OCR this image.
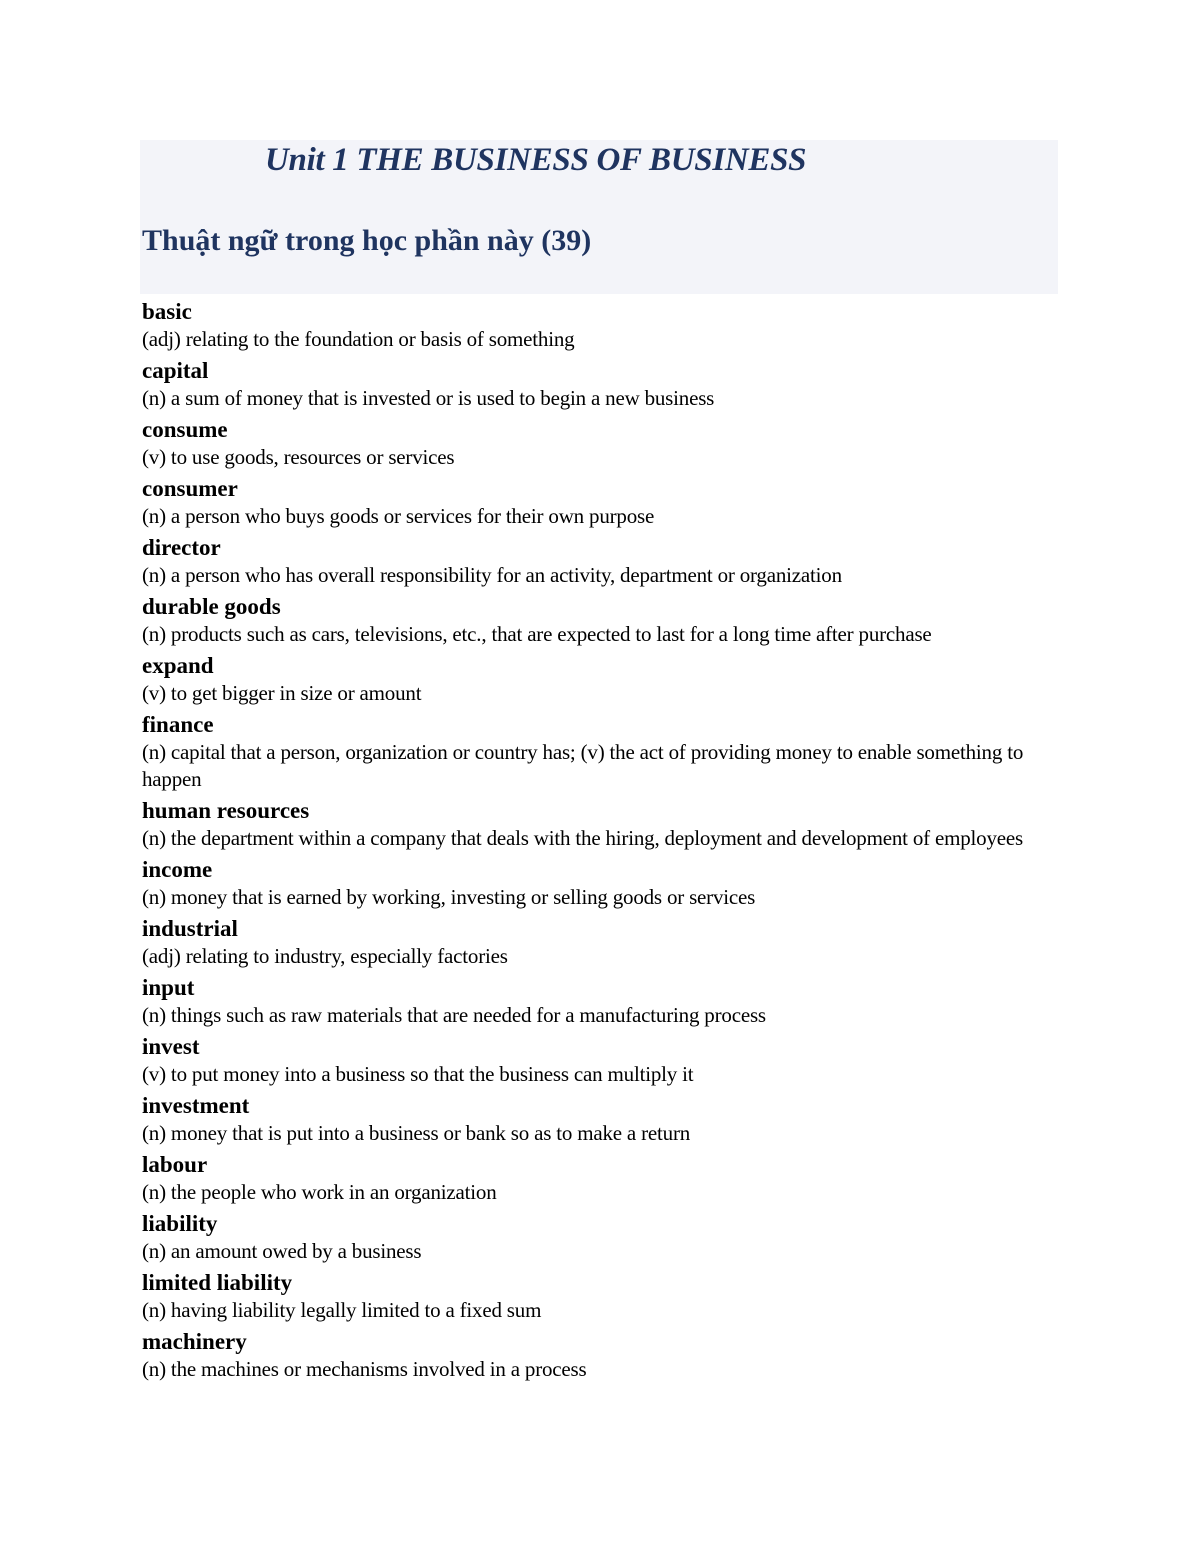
Unit 1 THE BUSINESS OF BUSINESS
Thuật ngữ trong học phần này (39)
basic
(adj) relating to the foundation or basis of something
capital
(n) a sum of money that is invested or is used to begin a new business
consume
(v) to use goods, resources or services
consumer
(n) a person who buys goods or services for their own purpose
director
(n) a person who has overall responsibility for an activity, department or organization
durable goods
(n) products such as cars, televisions, etc., that are expected to last for a long time after purchase
expand
(v) to get bigger in size or amount
finance
(n) capital that a person, organization or country has; (v) the act of providing money to enable something to happen
human resources
(n) the department within a company that deals with the hiring, deployment and development of employees
income
(n) money that is earned by working, investing or selling goods or services
industrial
(adj) relating to industry, especially factories
input
(n) things such as raw materials that are needed for a manufacturing process
invest
(v) to put money into a business so that the business can multiply it
investment
(n) money that is put into a business or bank so as to make a return
labour
(n) the people who work in an organization
liability
(n) an amount owed by a business
limited liability
(n) having liability legally limited to a fixed sum
machinery
(n) the machines or mechanisms involved in a process
